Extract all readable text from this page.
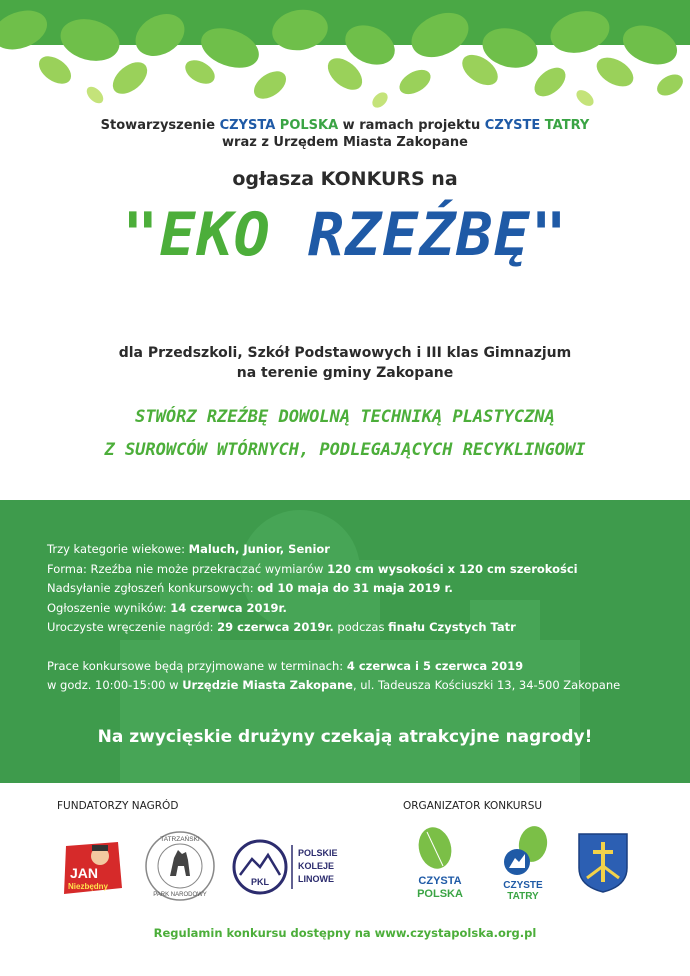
Stowarzyszenie CZYSTA POLSKA w ramach projektu CZYSTE TATRY
wraz z Urzędem Miasta Zakopane
ogłasza KONKURS na
"EKO RZEŹBĘ"
dla Przedszkoli, Szkół Podstawowych i III klas Gimnazjum
na terenie gminy Zakopane
STWÓRZ RZEŹBĘ DOWOLNĄ TECHNIKĄ PLASTYCZNĄ
Z SUROWCÓW WTÓRNYCH, PODLEGAJĄCYCH RECYKLINGOWI
Trzy kategorie wiekowe: Maluch, Junior, Senior
Forma: Rzeźba nie może przekraczać wymiarów 120 cm wysokości x 120 cm szerokości
Nadsyłanie zgłoszeń konkursowych: od 10 maja do 31 maja 2019 r.
Ogłoszenie wyników: 14 czerwca 2019r.
Uroczyste wręczenie nagród: 29 czerwca 2019r. podczas finału Czystych Tatr
Prace konkursowe będą przyjmowane w terminach: 4 czerwca i 5 czerwca 2019
w godz. 10:00-15:00 w Urzędzie Miasta Zakopane, ul. Tadeusza Kościuszki 13, 34-500 Zakopane
Na zwycięskie drużyny czekają atrakcyjne nagrody!
FUNDATORZY NAGRÓD	ORGANIZATOR KONKURSU
JAN
Niezbędny
TATRZAŃSKI
PARK NARODOWY
PKL
POLSKIE
KOLEJE
LINOWE	CZYSTA
POLSKA
CZYSTE
TATRY
Regulamin konkursu dostępny na www.czystapolska.org.pl
